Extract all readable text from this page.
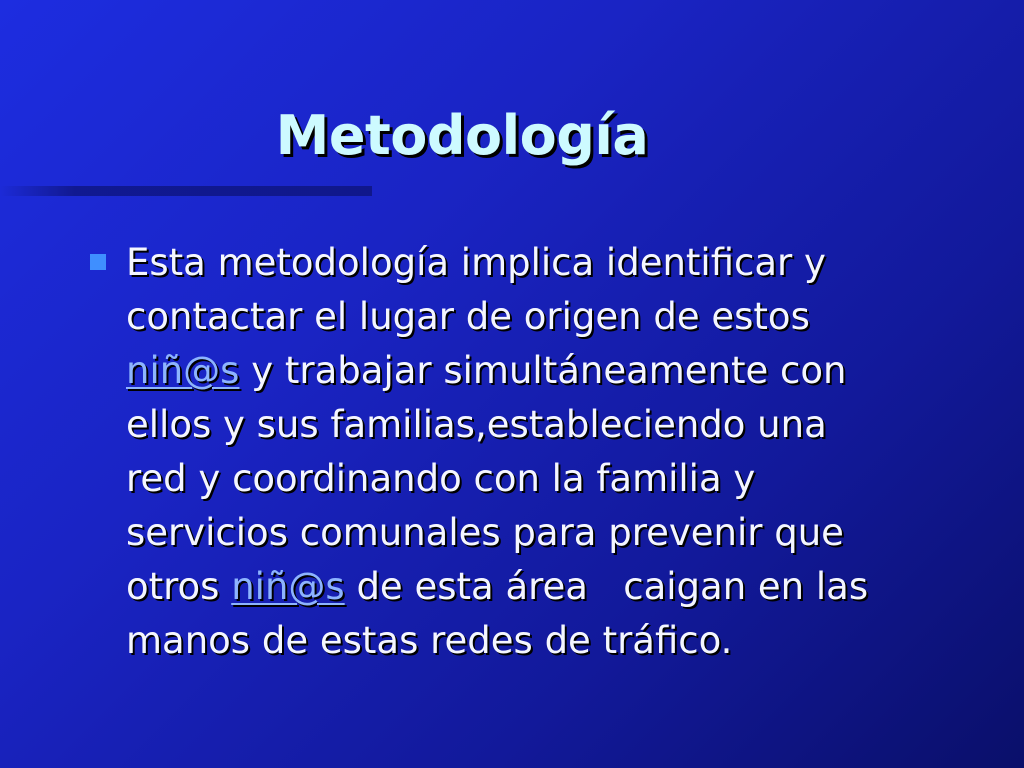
Metodología

Esta metodología implica identificar y
contactar el lugar de origen de estos
niñ@s y trabajar simultáneamente con
ellos y sus familias,estableciendo una
red y coordinando con la familia y
servicios comunales para prevenir que
otros niñ@s de esta área   caigan en las
manos de estas redes de tráfico.
